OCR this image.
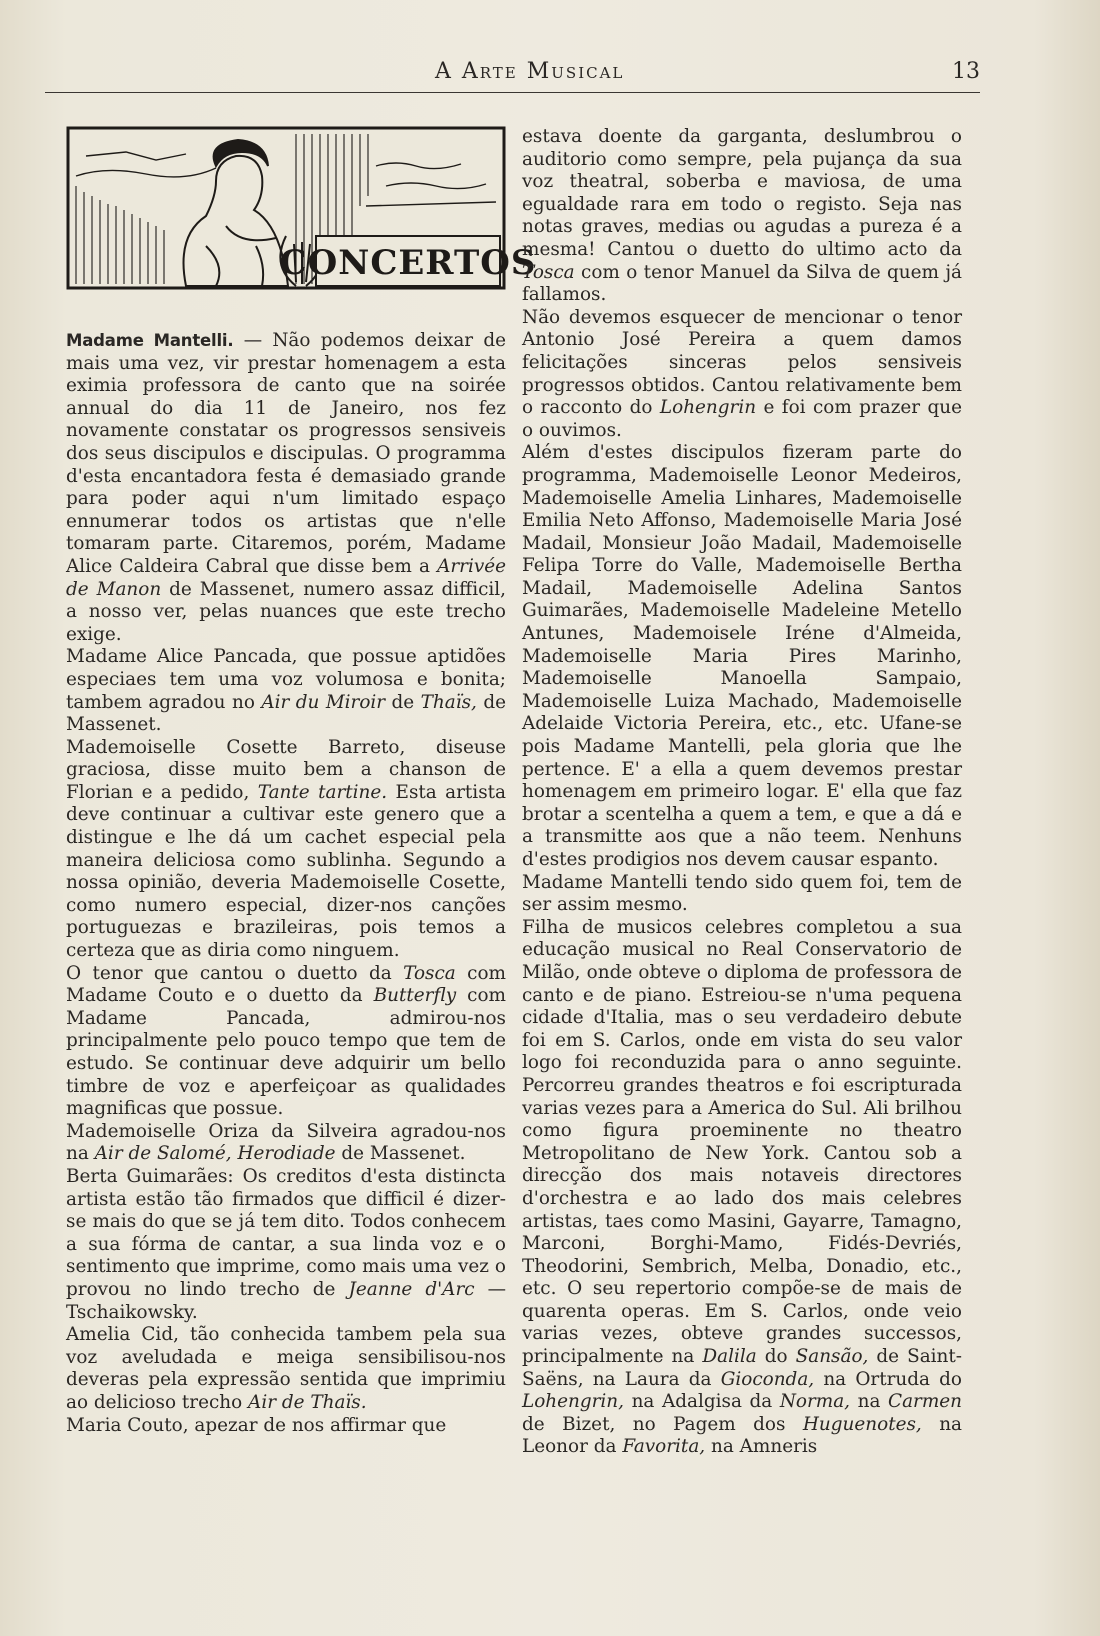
A Arte Musical	13
CONCERTOS

Madame Mantelli. — Não podemos deixar de mais uma vez, vir prestar homenagem a esta eximia professora de canto que na soirée annual do dia 11 de Janeiro, nos fez novamente constatar os progressos sensiveis dos seus discipulos e discipulas. O programma d'esta encantadora festa é demasiado grande para poder aqui n'um limitado espaço ennumerar todos os artistas que n'elle tomaram parte. Citaremos, porém, Madame Alice Caldeira Cabral que disse bem a Arrivée de Manon de Massenet, numero assaz difficil, a nosso ver, pelas nuances que este trecho exige.

Madame Alice Pancada, que possue aptidões especiaes tem uma voz volumosa e bonita; tambem agradou no Air du Miroir de Thaïs, de Massenet.

Mademoiselle Cosette Barreto, diseuse graciosa, disse muito bem a chanson de Florian e a pedido, Tante tartine. Esta artista deve continuar a cultivar este genero que a distingue e lhe dá um cachet especial pela maneira deliciosa como sublinha. Segundo a nossa opinião, deveria Mademoiselle Cosette, como numero especial, dizer-nos canções portuguezas e brazileiras, pois temos a certeza que as diria como ninguem.

O tenor que cantou o duetto da Tosca com Madame Couto e o duetto da Butterfly com Madame Pancada, admirou-nos principalmente pelo pouco tempo que tem de estudo. Se continuar deve adquirir um bello timbre de voz e aperfeiçoar as qualidades magnificas que possue.

Mademoiselle Oriza da Silveira agradou-nos na Air de Salomé, Herodiade de Massenet.

Berta Guimarães: Os creditos d'esta distincta artista estão tão firmados que difficil é dizer-se mais do que se já tem dito. Todos conhecem a sua fórma de cantar, a sua linda voz e o sentimento que imprime, como mais uma vez o provou no lindo trecho de Jeanne d'Arc — Tschaikowsky.

Amelia Cid, tão conhecida tambem pela sua voz aveludada e meiga sensibilisou-nos deveras pela expressão sentida que imprimiu ao delicioso trecho Air de Thaïs.

Maria Couto, apezar de nos affirmar que

estava doente da garganta, deslumbrou o auditorio como sempre, pela pujança da sua voz theatral, soberba e maviosa, de uma egualdade rara em todo o registo. Seja nas notas graves, medias ou agudas a pureza é a mesma! Cantou o duetto do ultimo acto da Tosca com o tenor Manuel da Silva de quem já fallamos.

Não devemos esquecer de mencionar o tenor Antonio José Pereira a quem damos felicitações sinceras pelos sensiveis progressos obtidos. Cantou relativamente bem o racconto do Lohengrin e foi com prazer que o ouvimos.

Além d'estes discipulos fizeram parte do programma, Mademoiselle Leonor Medeiros, Mademoiselle Amelia Linhares, Mademoiselle Emilia Neto Affonso, Mademoiselle Maria José Madail, Monsieur João Madail, Mademoiselle Felipa Torre do Valle, Mademoiselle Bertha Madail, Mademoiselle Adelina Santos Guimarães, Mademoiselle Madeleine Metello Antunes, Mademoisele Iréne d'Almeida, Mademoiselle Maria Pires Marinho, Mademoiselle Manoella Sampaio, Mademoiselle Luiza Machado, Mademoiselle Adelaide Victoria Pereira, etc., etc. Ufane-se pois Madame Mantelli, pela gloria que lhe pertence. E' a ella a quem devemos prestar homenagem em primeiro logar. E' ella que faz brotar a scentelha a quem a tem, e que a dá e a transmitte aos que a não teem. Nenhuns d'estes prodigios nos devem causar espanto.

Madame Mantelli tendo sido quem foi, tem de ser assim mesmo.

Filha de musicos celebres completou a sua educação musical no Real Conservatorio de Milão, onde obteve o diploma de professora de canto e de piano. Estreiou-se n'uma pequena cidade d'Italia, mas o seu verdadeiro debute foi em S. Carlos, onde em vista do seu valor logo foi reconduzida para o anno seguinte. Percorreu grandes theatros e foi escripturada varias vezes para a America do Sul. Ali brilhou como figura proeminente no theatro Metropolitano de New York. Cantou sob a direcção dos mais notaveis directores d'orchestra e ao lado dos mais celebres artistas, taes como Masini, Gayarre, Tamagno, Marconi, Borghi-Mamo, Fidés-Devriés, Theodorini, Sembrich, Melba, Donadio, etc., etc. O seu repertorio compõe-se de mais de quarenta operas. Em S. Carlos, onde veio varias vezes, obteve grandes successos, principalmente na Dalila do Sansão, de Saint-Saëns, na Laura da Gioconda, na Ortruda do Lohengrin, na Adalgisa da Norma, na Carmen de Bizet, no Pagem dos Huguenotes, na Leonor da Favorita, na Amneris
